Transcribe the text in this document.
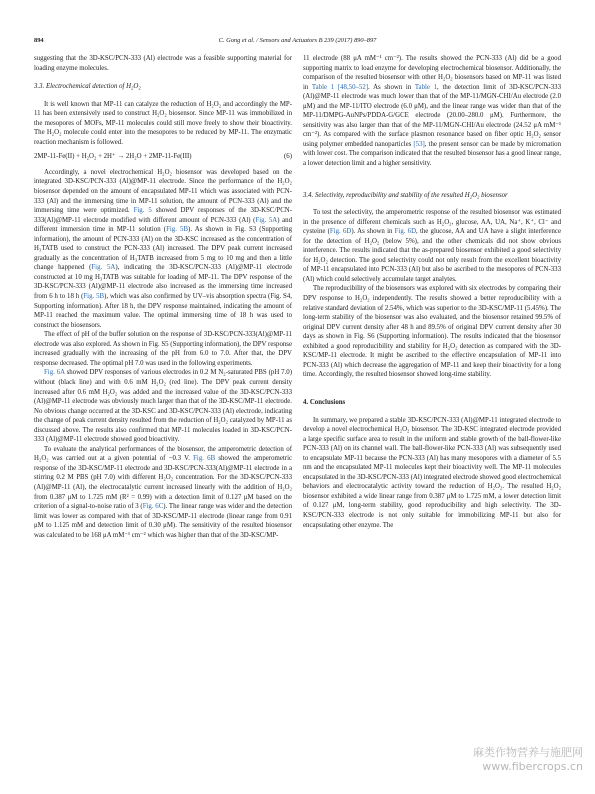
894	C. Gong et al. / Sensors and Actuators B 239 (2017) 890–897

suggesting that the 3D-KSC/PCN-333 (Al) electrode was a feasible supporting material for loading enzyme molecules.

3.3. Electrochemical detection of H₂O₂

It is well known that MP-11 can catalyze the reduction of H₂O₂ and accordingly the MP-11 has been extensively used to construct H₂O₂ biosensor. Since MP-11 was immobilized in the mesopores of MOFs, MP-11 molecules could still move freely to show their bioactivity. The H₂O₂ molecule could enter into the mesopores to be reduced by MP-11. The enzymatic reaction mechanism is followed.

2MP-11-Fe(II) + H₂O₂ + 2H⁺ → 2H₂O + 2MP-11-Fe(III)	(6)

Accordingly, a novel electrochemical H₂O₂ biosensor was developed based on the integrated 3D-KSC/PCN-333 (Al)@MP-11 electrode. Since the performance of the H₂O₂ biosensor depended on the amount of encapsulated MP-11 which was associated with PCN-333 (Al) and the immersing time in MP-11 solution, the amount of PCN-333 (Al) and the immersing time were optimized. Fig. 5 showed DPV responses of the 3D-KSC/PCN-333(Al)@MP-11 electrode modified with different amount of PCN-333 (Al) (Fig. 5A) and different immersion time in MP-11 solution (Fig. 5B). As shown in Fig. S3 (Supporting information), the amount of PCN-333 (Al) on the 3D-KSC increased as the concentration of H₃TATB used to construct the PCN-333 (Al) increased. The DPV peak current increased gradually as the concentration of H₃TATB increased from 5 mg to 10 mg and then a little change happened (Fig. 5A), indicating the 3D-KSC/PCN-333 (Al)@MP-11 electrode constructed at 10 mg H₃TATB was suitable for loading of MP-11. The DPV response of the 3D-KSC/PCN-333 (Al)@MP-11 electrode also increased as the immersing time increased from 6 h to 18 h (Fig. 5B), which was also confirmed by UV–vis absorption spectra (Fig. S4, Supporting information). After 18 h, the DPV response maintained, indicating the amount of MP-11 reached the maximum value. The optimal immersing time of 18 h was used to construct the biosensors.

The effect of pH of the buffer solution on the response of 3D-KSC/PCN-333(Al)@MP-11 electrode was also explored. As shown in Fig. S5 (Supporting information), the DPV response increased gradually with the increasing of the pH from 6.0 to 7.0. After that, the DPV response decreased. The optimal pH 7.0 was used in the following experiments.

Fig. 6A showed DPV responses of various electrodes in 0.2 M N₂-saturated PBS (pH 7.0) without (black line) and with 0.6 mM H₂O₂ (red line). The DPV peak current density increased after 0.6 mM H₂O₂ was added and the increased value of the 3D-KSC/PCN-333 (Al)@MP-11 electrode was obviously much larger than that of the 3D-KSC/MP-11 electrode. No obvious change occurred at the 3D-KSC and 3D-KSC/PCN-333 (Al) electrode, indicating the change of peak current density resulted from the reduction of H₂O₂ catalyzed by MP-11 as discussed above. The results also confirmed that MP-11 molecules loaded in 3D-KSC/PCN-333 (Al)@MP-11 electrode showed good bioactivity.

To evaluate the analytical performances of the biosensor, the amperometric detection of H₂O₂ was carried out at a given potential of −0.3 V. Fig. 6B showed the amperometric response of the 3D-KSC/MP-11 electrode and 3D-KSC/PCN-333(Al)@MP-11 electrode in a stirring 0.2 M PBS (pH 7.0) with different H₂O₂ concentration. For the 3D-KSC/PCN-333 (Al)@MP-11 (Al), the electrocatalytic current increased linearly with the addition of H₂O₂ from 0.387 μM to 1.725 mM (R² = 0.99) with a detection limit of 0.127 μM based on the criterion of a signal-to-noise ratio of 3 (Fig. 6C). The linear range was wider and the detection limit was lower as compared with that of 3D-KSC/MP-11 electrode (linear range from 0.91 μM to 1.125 mM and detection limit of 0.30 μM). The sensitivity of the resulted biosensor was calculated to be 168 μA mM⁻¹ cm⁻² which was higher than that of the 3D-KSC/MP-

11 electrode (88 μA mM⁻¹ cm⁻²). The results showed the PCN-333 (Al) did be a good supporting matrix to load enzyme for developing electrochemical biosensor. Additionally, the comparison of the resulted biosensor with other H₂O₂ biosensors based on MP-11 was listed in Table 1 [48,50–52]. As shown in Table 1, the detection limit of 3D-KSC/PCN-333 (Al)@MP-11 electrode was much lower than that of the MP-11/MGN-CHI/Au electrode (2.0 μM) and the MP-11/ITO electrode (6.0 μM), and the linear range was wider than that of the MP-11/DMPG-AuNPs/PDDA-G/GCE electrode (20.00–280.0 μM). Furthermore, the sensitivity was also larger than that of the MP-11/MGN-CHI/Au electrode (24.52 μA mM⁻¹ cm⁻²). As compared with the surface plasmon resonance based on fiber optic H₂O₂ sensor using polymer embedded nanoparticles [53], the present sensor can be made by micromation with lower cost. The comparison indicated that the resulted biosensor has a good linear range, a lower detection limit and a higher sensitivity.

3.4. Selectivity, reproducibility and stability of the resulted H₂O₂ biosensor

To test the selectivity, the amperometric response of the resulted biosensor was estimated in the presence of different chemicals such as H₂O₂, glucose, AA, UA, Na⁺, K⁺, Cl⁻ and cysteine (Fig. 6D). As shown in Fig. 6D, the glucose, AA and UA have a slight interference for the detection of H₂O₂ (below 5%), and the other chemicals did not show obvious interference. The results indicated that the as-prepared biosensor exhibited a good selectivity for H₂O₂ detection. The good selectivity could not only result from the excellent bioactivity of MP-11 encapsulated into PCN-333 (Al) but also be ascribed to the mesopores of PCN-333 (Al) which could selectively accumulate target analytes.

The reproducibility of the biosensors was explored with six electrodes by comparing their DPV response to H₂O₂ independently. The results showed a better reproducibility with a relative standard deviation of 2.54%, which was superior to the 3D-KSC/MP-11 (5.45%). The long-term stability of the biosensor was also evaluated, and the biosensor retained 99.5% of original DPV current density after 48 h and 89.5% of original DPV current density after 30 days as shown in Fig. S6 (Supporting information). The results indicated that the biosensor exhibited a good reproducibility and stability for H₂O₂ detection as compared with the 3D-KSC/MP-11 electrode. It might be ascribed to the effective encapsulation of MP-11 into PCN-333 (Al) which decrease the aggregation of MP-11 and keep their bioactivity for a long time. Accordingly, the resulted biosensor showed long-time stability.

4. Conclusions

In summary, we prepared a stable 3D-KSC/PCN-333 (Al)@MP-11 integrated electrode to develop a novel electrochemical H₂O₂ biosensor. The 3D-KSC integrated electrode provided a large specific surface area to result in the uniform and stable growth of the ball-flower-like PCN-333 (Al) on its channel wall. The ball-flower-like PCN-333 (Al) was subsequently used to encapsulate MP-11 because the PCN-333 (Al) has many mesopores with a diameter of 5.5 nm and the encapsulated MP-11 molecules kept their bioactivity well. The MP-11 molecules encapsulated in the 3D-KSC/PCN-333 (Al) integrated electrode showed good electrochemical behaviors and electrocatalytic activity toward the reduction of H₂O₂. The resulted H₂O₂ biosensor exhibited a wide linear range from 0.387 μM to 1.725 mM, a lower detection limit of 0.127 μM, long-term stability, good reproducibility and high selectivity. The 3D-KSC/PCN-333 electrode is not only suitable for immobilizing MP-11 but also for encapsulating other enzyme. The

麻类作物营养与施肥网
www.fibercrops.cn
